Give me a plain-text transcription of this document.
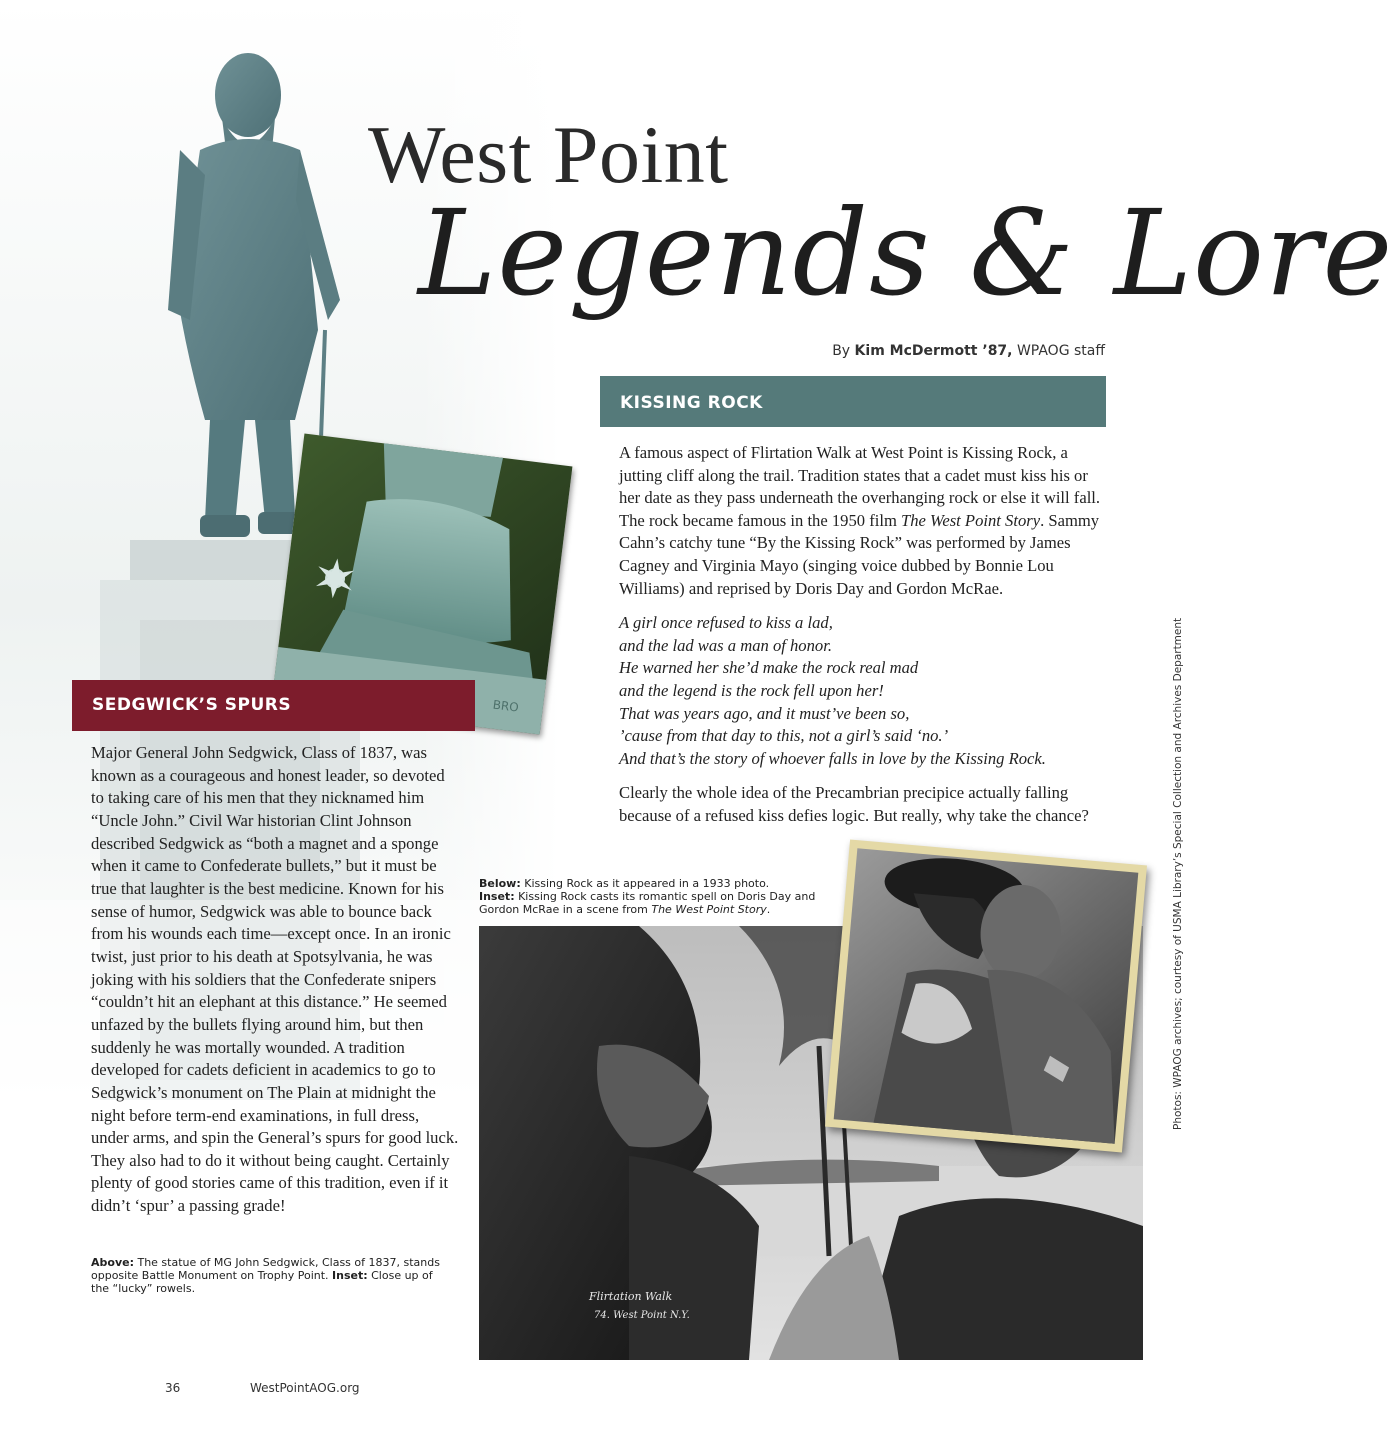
West Point
Legends & Lore
By Kim McDermott ’87, WPAOG staff
KISSING ROCK

A famous aspect of Flirtation Walk at West Point is Kissing Rock, a jutting cliff along the trail. Tradition states that a cadet must kiss his or her date as they pass underneath the overhanging rock or else it will fall. The rock became famous in the 1950 film The West Point Story. Sammy Cahn’s catchy tune “By the Kissing Rock” was performed by James Cagney and Virginia Mayo (singing voice dubbed by Bonnie Lou Williams) and reprised by Doris Day and Gordon McRae.

A girl once refused to kiss a lad,
and the lad was a man of honor.
He warned her she’d make the rock real mad
and the legend is the rock fell upon her!
That was years ago, and it must’ve been so,
’cause from that day to this, not a girl’s said ‘no.’
And that’s the story of whoever falls in love by the Kissing Rock.

Clearly the whole idea of the Precambrian precipice actually falling because of a refused kiss defies logic. But really, why take the chance?

BRO
SEDGWICK’S SPURS

Major General John Sedgwick, Class of 1837, was known as a courageous and honest leader, so devoted to taking care of his men that they nicknamed him “Uncle John.” Civil War historian Clint Johnson described Sedgwick as “both a magnet and a sponge when it came to Confederate bullets,” but it must be true that laughter is the best medicine. Known for his sense of humor, Sedgwick was able to bounce back from his wounds each time—except once. In an ironic twist, just prior to his death at Spotsylvania, he was joking with his soldiers that the Confederate snipers “couldn’t hit an elephant at this distance.” He seemed unfazed by the bullets flying around him, but then suddenly he was mortally wounded. A tradition developed for cadets deficient in academics to go to Sedgwick’s monument on The Plain at midnight the night before term-end examinations, in full dress, under arms, and spin the General’s spurs for good luck. They also had to do it without being caught. Certainly plenty of good stories came of this tradition, even if it didn’t ‘spur’ a passing grade!

Above: The statue of MG John Sedgwick, Class of 1837, stands opposite Battle Monument on Trophy Point. Inset: Close up of the “lucky” rowels.
Below: Kissing Rock as it appeared in a 1933 photo.
Inset: Kissing Rock casts its romantic spell on Doris Day and Gordon McRae in a scene from The West Point Story.
Flirtation Walk
74. West Point N.Y.
Photos: WPAOG archives; courtesy of USMA Library’s Special Collection and Archives Department
36	WestPointAOG.org
